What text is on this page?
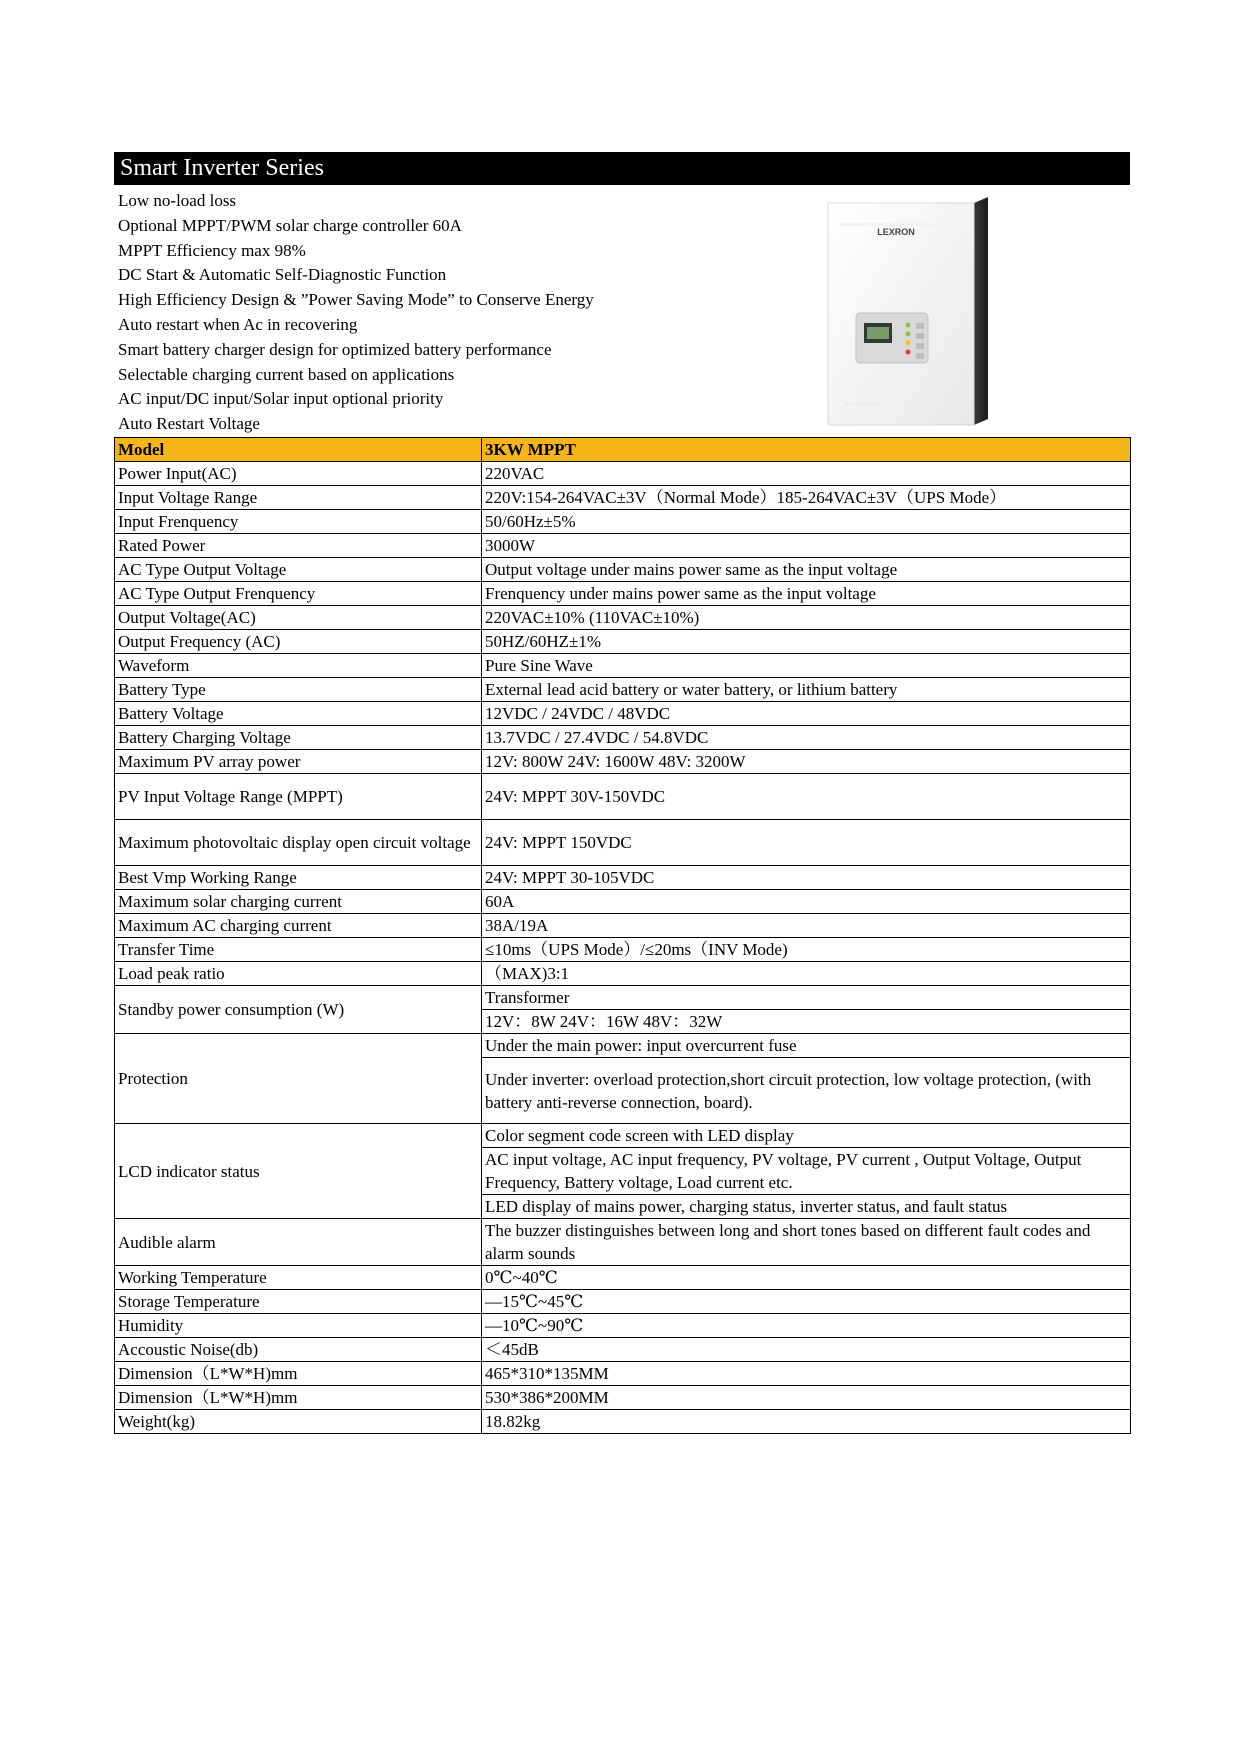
Smart Inverter Series
Low no-load loss
Optional MPPT/PWM solar charge controller 60A
MPPT Efficiency max 98%
DC Start & Automatic Self-Diagnostic Function
High Efficiency Design & ”Power Saving Mode” to Conserve Energy
Auto restart when Ac in recovering
Smart battery charger design for optimized battery performance
Selectable charging current based on applications
AC input/DC input/Solar input optional priority
Auto Restart Voltage
LEXRON
Model	3KW MPPT
Power Input(AC)	220VAC
Input Voltage Range	220V:154-264VAC±3V（Normal Mode）185-264VAC±3V（UPS Mode）
Input Frenquency	50/60Hz±5%
Rated Power	3000W
AC Type Output Voltage	Output voltage under mains power same as the input voltage
AC Type Output Frenquency	Frenquency under mains power same as the input voltage
Output Voltage(AC)	220VAC±10% (110VAC±10%)
Output Frequency (AC)	50HZ/60HZ±1%
Waveform	Pure Sine Wave
Battery Type	External lead acid battery or water battery, or lithium battery
Battery Voltage	12VDC / 24VDC / 48VDC
Battery Charging Voltage	13.7VDC / 27.4VDC / 54.8VDC
Maximum PV array power	12V: 800W 24V: 1600W 48V: 3200W
PV Input Voltage Range (MPPT)	24V: MPPT 30V-150VDC
Maximum photovoltaic display open circuit voltage	24V: MPPT 150VDC
Best Vmp Working Range	24V: MPPT 30-105VDC
Maximum solar charging current	60A
Maximum AC charging current	38A/19A
Transfer Time	≤10ms（UPS Mode）/≤20ms（INV Mode)
Load peak ratio	（MAX)3:1
Standby power consumption (W)	Transformer
	12V：8W 24V：16W 48V：32W
Protection	Under the main power: input overcurrent fuse
	Under inverter: overload protection,short circuit protection, low voltage protection, (with battery anti-reverse connection, board).
LCD indicator status	Color segment code screen with LED display
	AC input voltage, AC input frequency, PV voltage, PV current , Output Voltage, Output Frequency, Battery voltage, Load current etc.
	LED display of mains power, charging status, inverter status, and fault status
Audible alarm	The buzzer distinguishes between long and short tones based on different fault codes and alarm sounds
Working Temperature	0℃~40℃
Storage Temperature	—15℃~45℃
Humidity	—10℃~90℃
Accoustic Noise(db)	＜45dB
Dimension（L*W*H)mm	465*310*135MM
Dimension（L*W*H)mm	530*386*200MM
Weight(kg)	18.82kg
